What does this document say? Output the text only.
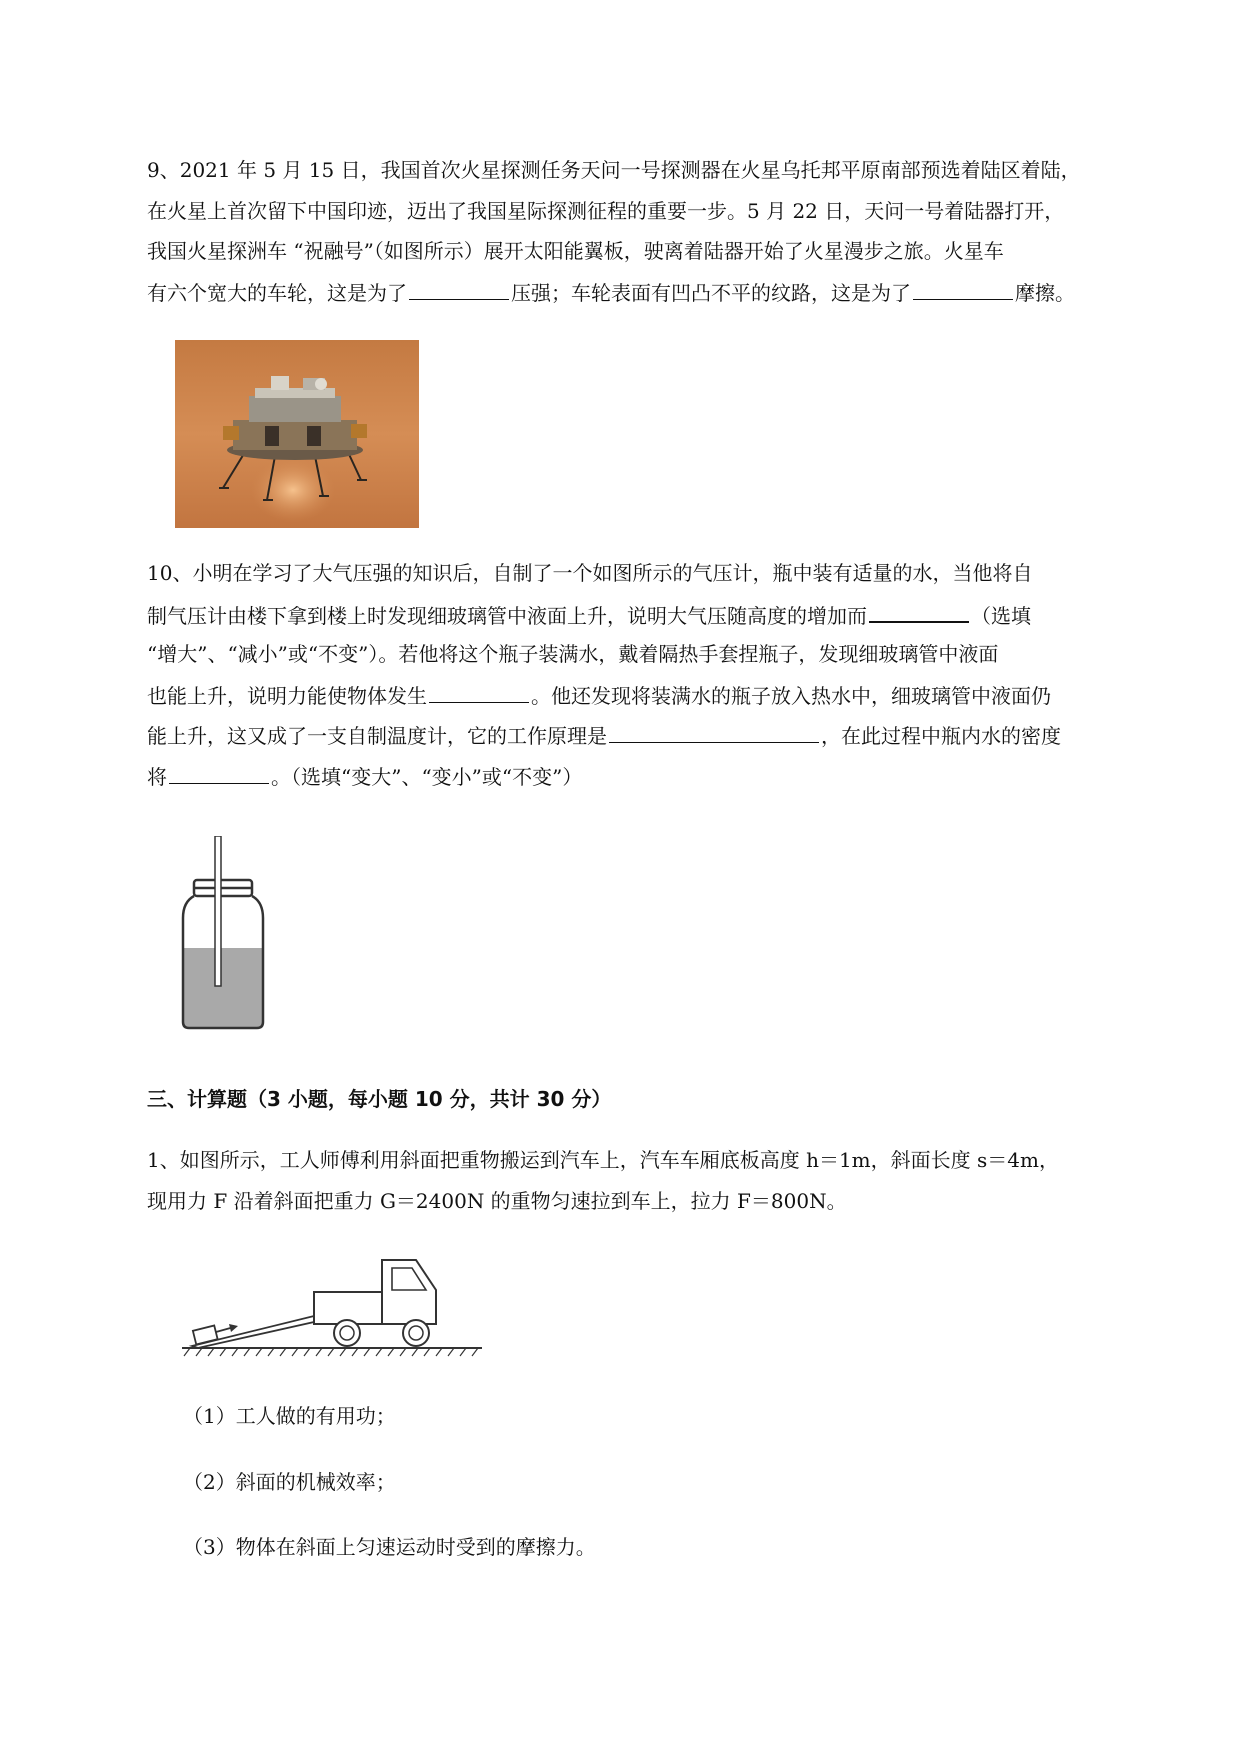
9、2021 年 5 月 15 日，我国首次火星探测任务天问一号探测器在火星乌托邦平原南部预选着陆区着陆，
在火星上首次留下中国印迹，迈出了我国星际探测征程的重要一步。5 月 22 日，天问一号着陆器打开，
我国火星探洲车 “祝融号”（如图所示）展开太阳能翼板，驶离着陆器开始了火星漫步之旅。火星车
有六个宽大的车轮，这是为了	压强；车轮表面有凹凸不平的纹路，这是为了	摩擦。
10、小明在学习了大气压强的知识后，自制了一个如图所示的气压计，瓶中装有适量的水，当他将自
制气压计由楼下拿到楼上时发现细玻璃管中液面上升，说明大气压随高度的增加而	（选填
“增大”、“减小”或“不变”）。若他将这个瓶子装满水，戴着隔热手套捏瓶子，发现细玻璃管中液面
也能上升，说明力能使物体发生	。他还发现将装满水的瓶子放入热水中，细玻璃管中液面仍
能上升，这又成了一支自制温度计，它的工作原理是	，在此过程中瓶内水的密度
将	。（选填“变大”、“变小”或“不变”）
三、计算题（3 小题，每小题 10 分，共计 30 分）
1、如图所示，工人师傅利用斜面把重物搬运到汽车上，汽车车厢底板高度 h＝1m，斜面长度 s＝4m，
现用力 F 沿着斜面把重力 G＝2400N 的重物匀速拉到车上，拉力 F＝800N。
（1）工人做的有用功；
（2）斜面的机械效率；
（3）物体在斜面上匀速运动时受到的摩擦力。
